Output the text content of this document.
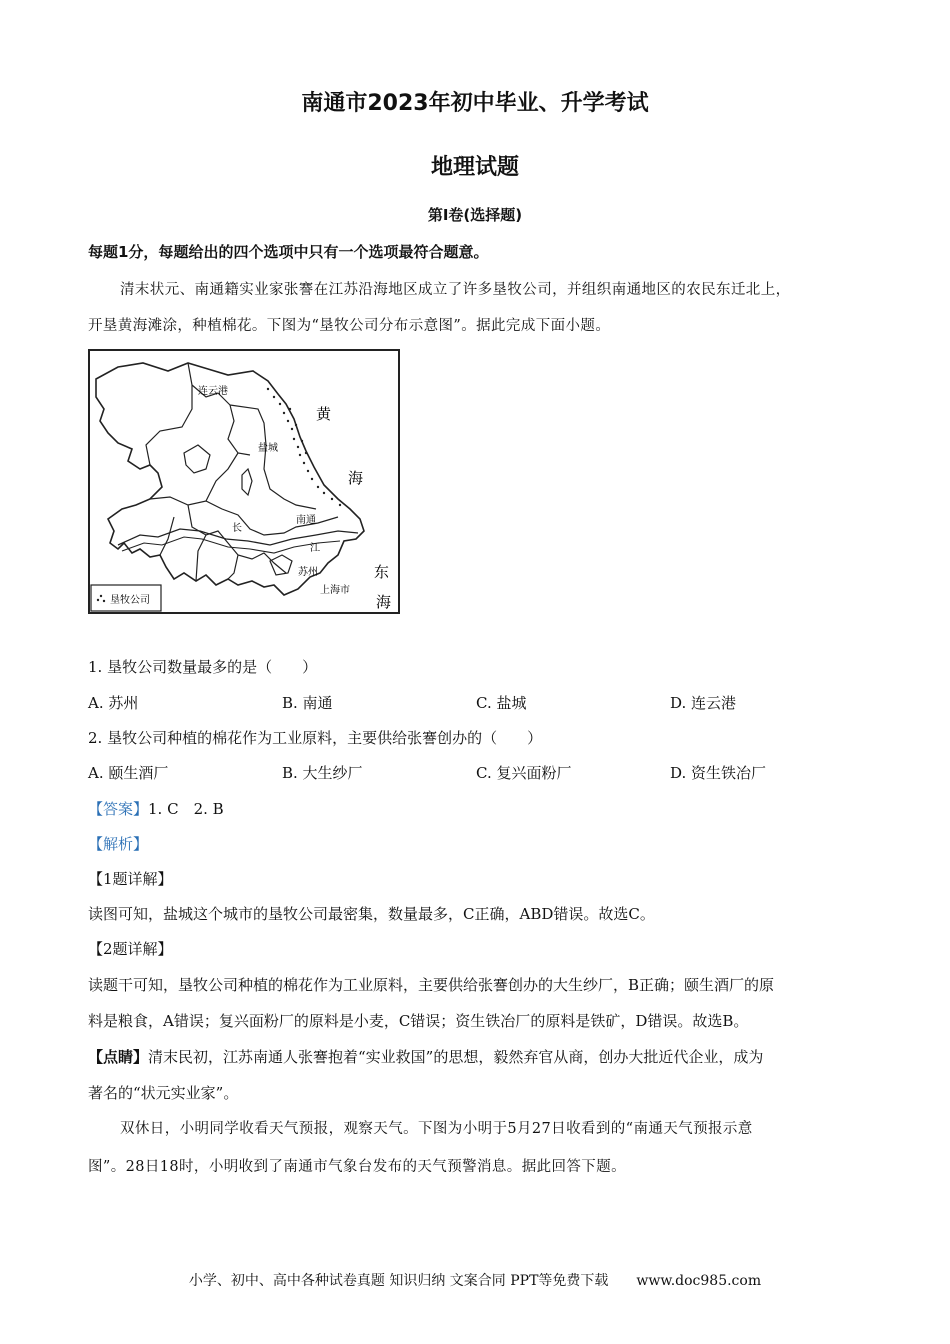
南通市2023年初中毕业、升学考试
地理试题
第Ⅰ卷(选择题)
每题1分，每题给出的四个选项中只有一个选项最符合题意。
清末状元、南通籍实业家张謇在江苏沿海地区成立了许多垦牧公司，并组织南通地区的农民东迁北上，
开垦黄海滩涂，种植棉花。下图为“垦牧公司分布示意图”。据此完成下面小题。
垦牧公司
连云港
盐城
南通
苏州
上海市
黄
海
东
海
长
江
1. 垦牧公司数量最多的是（　　）
A. 苏州	B. 南通	C. 盐城	D. 连云港
2. 垦牧公司种植的棉花作为工业原料，主要供给张謇创办的（　　）
A. 颐生酒厂	B. 大生纱厂	C. 复兴面粉厂	D. 资生铁冶厂
【答案】1. C　2. B
【解析】
【1题详解】
读图可知，盐城这个城市的垦牧公司最密集，数量最多，C正确，ABD错误。故选C。
【2题详解】
读题干可知，垦牧公司种植的棉花作为工业原料，主要供给张謇创办的大生纱厂，B正确；颐生酒厂的原
料是粮食，A错误；复兴面粉厂的原料是小麦，C错误；资生铁冶厂的原料是铁矿，D错误。故选B。
【点睛】清末民初，江苏南通人张謇抱着“实业救国”的思想，毅然弃官从商，创办大批近代企业，成为
著名的“状元实业家”。
双休日，小明同学收看天气预报，观察天气。下图为小明于5月27日收看到的“南通天气预报示意
图”。28日18时，小明收到了南通市气象台发布的天气预警消息。据此回答下题。
小学、初中、高中各种试卷真题 知识归纳 文案合同 PPT等免费下载　　www.doc985.com
